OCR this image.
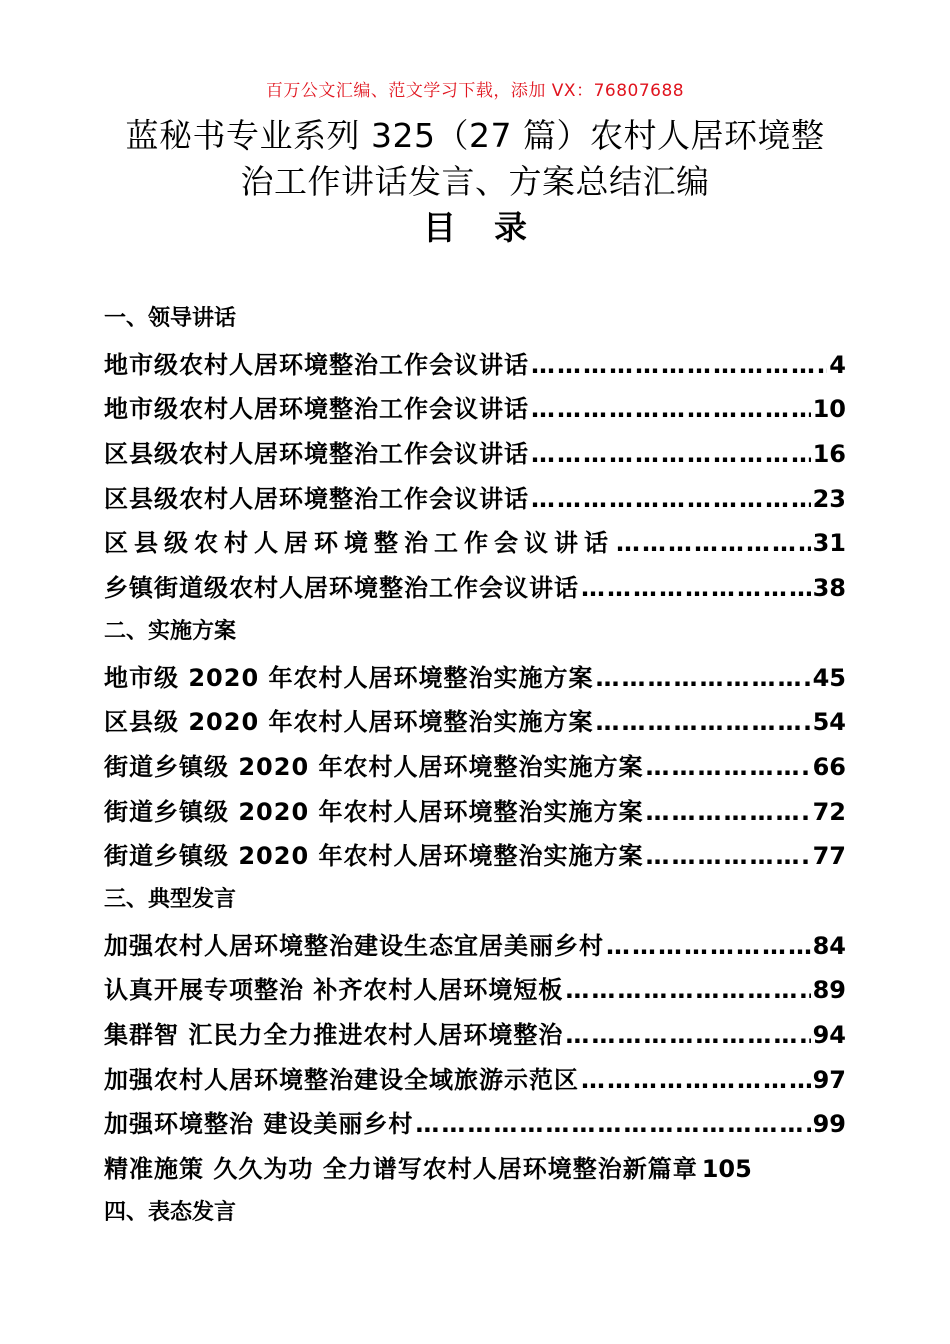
百万公文汇编、范文学习下载，添加 VX：76807688
蓝秘书专业系列 325（27 篇）农村人居环境整
治工作讲话发言、方案总结汇编
目录
一、领导讲话
地市级农村人居环境整治工作会议讲话 ………………………………………………………………………………………………	4
地市级农村人居环境整治工作会议讲话 ………………………………………………………………………………………………	10
区县级农村人居环境整治工作会议讲话 ………………………………………………………………………………………………	16
区县级农村人居环境整治工作会议讲话 ………………………………………………………………………………………………	23
区县级农村人居环境整治工作会议讲话 ………………………………………………………………………………………………	31
乡镇街道级农村人居环境整治工作会议讲话 ………………………………………………………………………………………………	38
二、实施方案
地市级 2020 年农村人居环境整治实施方案 ………………………………………………………………………………………………	45
区县级 2020 年农村人居环境整治实施方案 ………………………………………………………………………………………………	54
街道乡镇级 2020 年农村人居环境整治实施方案 ………………………………………………………………………………………………	66
街道乡镇级 2020 年农村人居环境整治实施方案 ………………………………………………………………………………………………	72
街道乡镇级 2020 年农村人居环境整治实施方案 ………………………………………………………………………………………………	77
三、典型发言
加强农村人居环境整治建设生态宜居美丽乡村 ………………………………………………………………………………………………	84
认真开展专项整治 补齐农村人居环境短板 ………………………………………………………………………………………………	89
集群智 汇民力全力推进农村人居环境整治 ………………………………………………………………………………………………	94
加强农村人居环境整治建设全域旅游示范区 ………………………………………………………………………………………………	97
加强环境整治 建设美丽乡村 ………………………………………………………………………………………………	99
精准施策 久久为功 全力谱写农村人居环境整治新篇章 105
四、表态发言
